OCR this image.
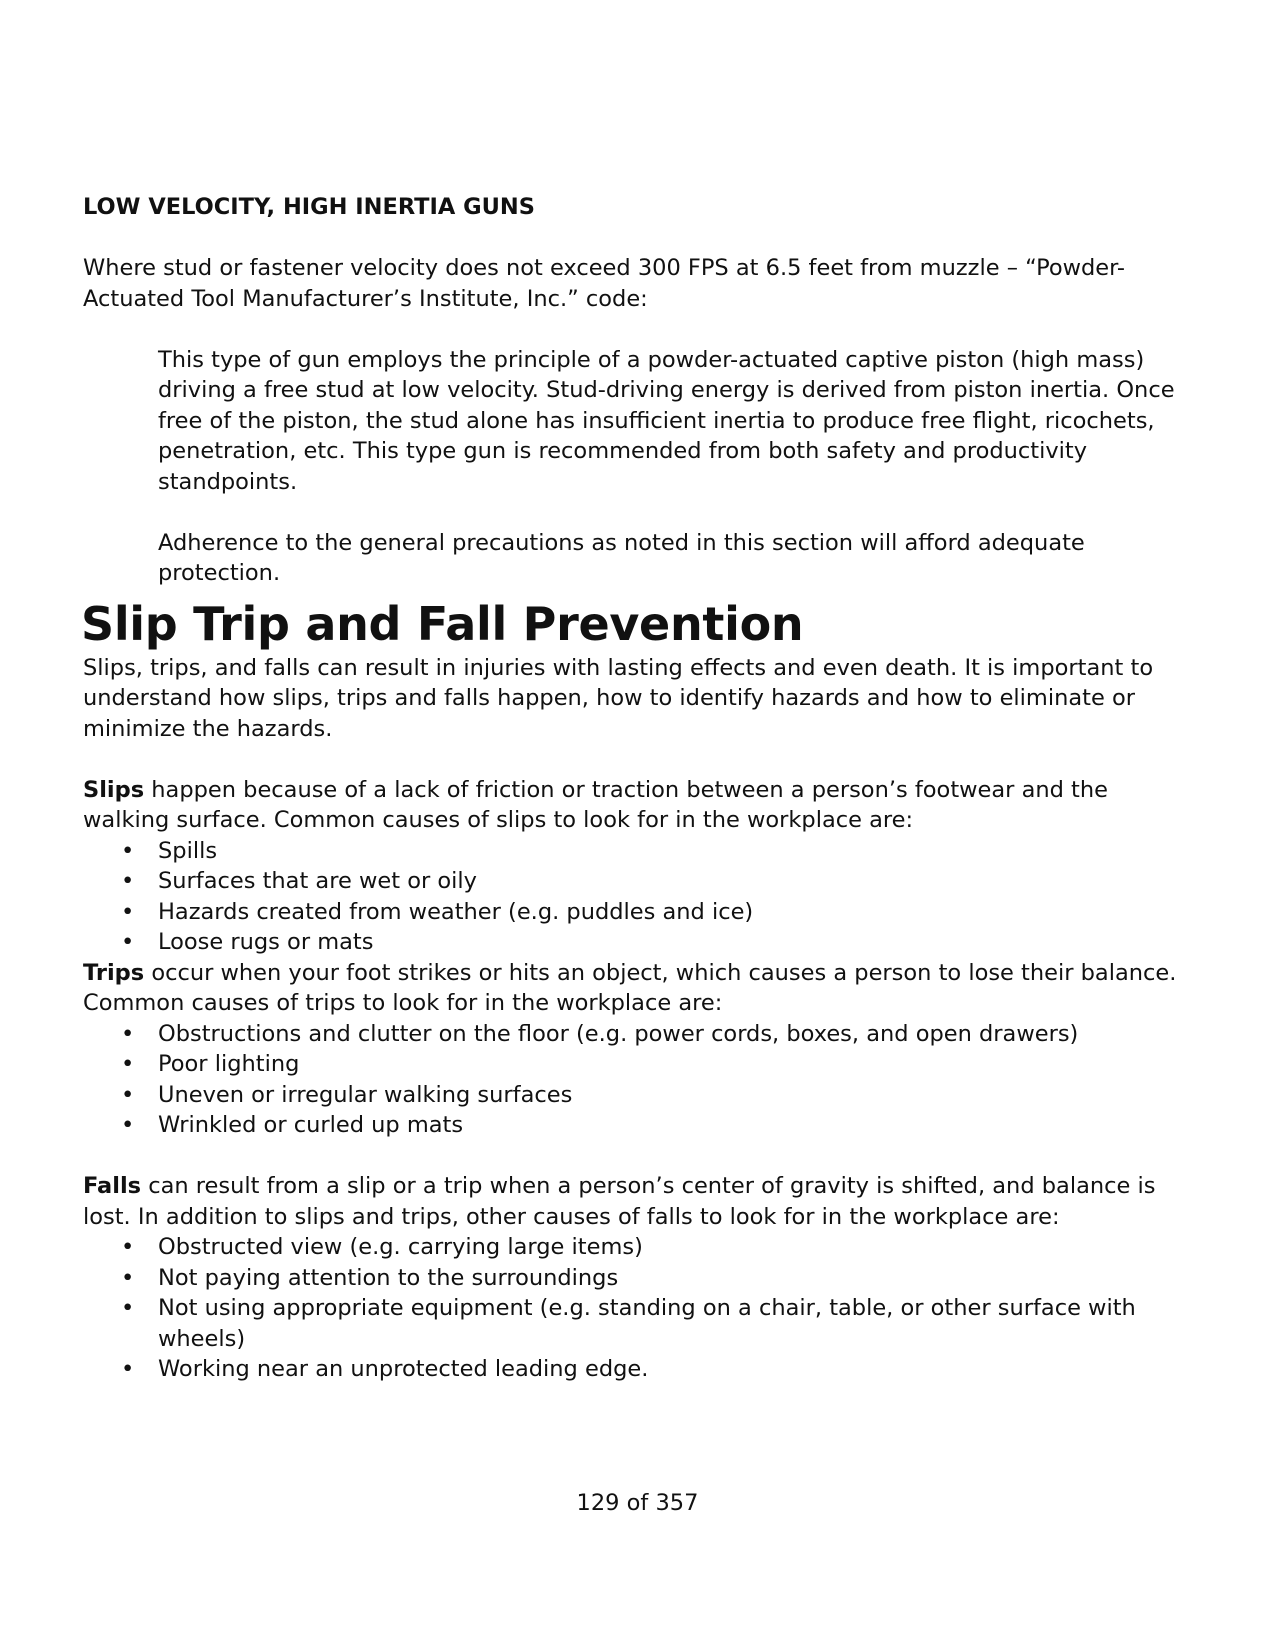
LOW VELOCITY, HIGH INERTIA GUNS

Where stud or fastener velocity does not exceed 300 FPS at 6.5 feet from muzzle – “Powder-Actuated Tool Manufacturer’s Institute, Inc.” code:

This type of gun employs the principle of a powder-actuated captive piston (high mass) driving a free stud at low velocity. Stud-driving energy is derived from piston inertia. Once free of the piston, the stud alone has insufficient inertia to produce free flight, ricochets, penetration, etc. This type gun is recommended from both safety and productivity standpoints.

Adherence to the general precautions as noted in this section will afford adequate protection.

Slip Trip and Fall Prevention

Slips, trips, and falls can result in injuries with lasting effects and even death. It is important to understand how slips, trips and falls happen, how to identify hazards and how to eliminate or minimize the hazards.

Slips happen because of a lack of friction or traction between a person’s footwear and the walking surface. Common causes of slips to look for in the workplace are:

• Spills
• Surfaces that are wet or oily
• Hazards created from weather (e.g. puddles and ice)
• Loose rugs or mats

Trips occur when your foot strikes or hits an object, which causes a person to lose their balance. Common causes of trips to look for in the workplace are:

• Obstructions and clutter on the floor (e.g. power cords, boxes, and open drawers)
• Poor lighting
• Uneven or irregular walking surfaces
• Wrinkled or curled up mats

Falls can result from a slip or a trip when a person’s center of gravity is shifted, and balance is lost. In addition to slips and trips, other causes of falls to look for in the workplace are:

• Obstructed view (e.g. carrying large items)
• Not paying attention to the surroundings
• Not using appropriate equipment (e.g. standing on a chair, table, or other surface with wheels)
• Working near an unprotected leading edge.
129 of 357
